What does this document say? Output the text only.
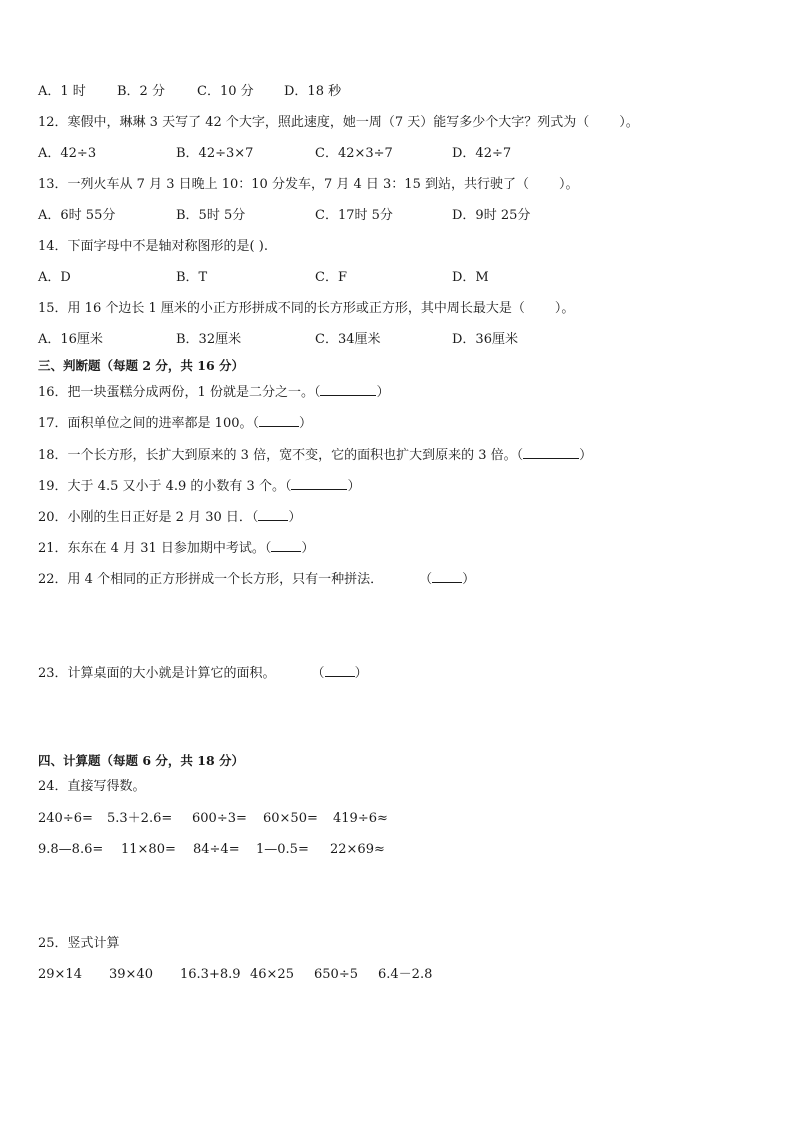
A．1 时 B．2 分 C．10 分 D．18 秒
12．寒假中，琳琳 3 天写了 42 个大字，照此速度，她一周（7 天）能写多少个大字？列式为（ ）。
A．42÷3	B．42÷3×7	C．42×3÷7	D．42÷7
13．一列火车从 7 月 3 日晚上 10：10 分发车，7 月 4 日 3：15 到站，共行驶了（ ）。
A．6时 55分	B．5时 5分	C．17时 5分	D．9时 25分
14．下面字母中不是轴对称图形的是( ).
A．D	B．T	C．F	D．M
15．用 16 个边长 1 厘米的小正方形拼成不同的长方形或正方形，其中周长最大是（ ）。
A．16厘米	B．32厘米	C．34厘米	D．36厘米
三、判断题（每题 2 分，共 16 分）
16．把一块蛋糕分成两份，1 份就是二分之一。（	）
17．面积单位之间的进率都是 100。（	）
18．一个长方形，长扩大到原来的 3 倍，宽不变，它的面积也扩大到原来的 3 倍。（	）
19．大于 4.5 又小于 4.9 的小数有 3 个。（	）
20．小刚的生日正好是 2 月 30 日．（ ）
21．东东在 4 月 31 日参加期中考试。（ ）
22．用 4 个相同的正方形拼成一个长方形，只有一种拼法．	（ ）
23．计算桌面的大小就是计算它的面积。	（ ）
四、计算题（每题 6 分，共 18 分）
24．直接写得数。
240÷6= 5.3＋2.6= 600÷3= 60×50= 419÷6≈
9.8—8.6= 11×80= 84÷4= 1—0.5= 22×69≈
25．竖式计算
29×14 39×40 16.3+8.9 46×25 650÷5 6.4－2.8
